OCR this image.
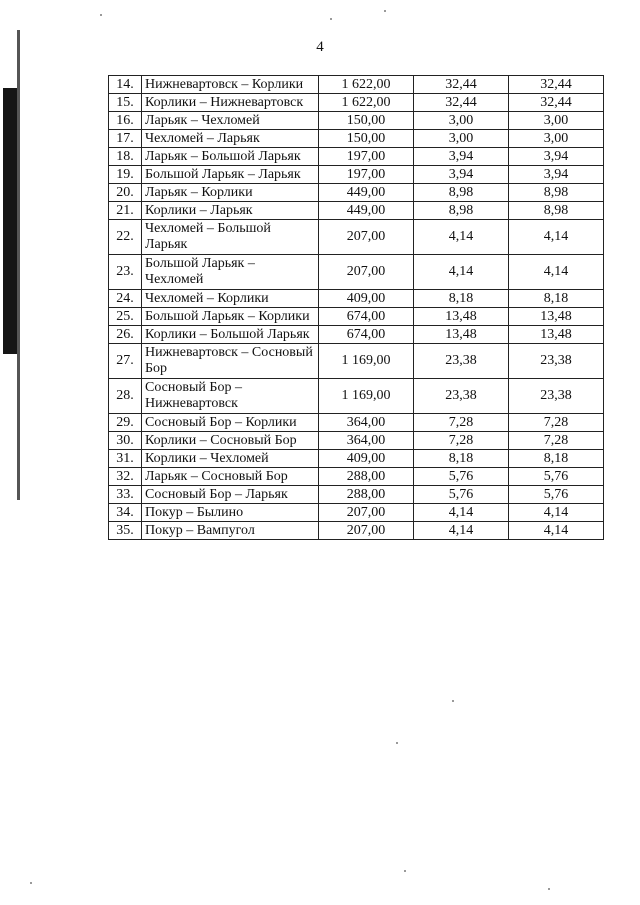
4
14.	Нижневартовск – Корлики	1 622,00	32,44	32,44
15.	Корлики – Нижневартовск	1 622,00	32,44	32,44
16.	Ларьяк – Чехломей	150,00	3,00	3,00
17.	Чехломей – Ларьяк	150,00	3,00	3,00
18.	Ларьяк – Большой Ларьяк	197,00	3,94	3,94
19.	Большой Ларьяк – Ларьяк	197,00	3,94	3,94
20.	Ларьяк – Корлики	449,00	8,98	8,98
21.	Корлики – Ларьяк	449,00	8,98	8,98
22.	Чехломей – Большой Ларьяк	207,00	4,14	4,14
23.	Большой Ларьяк – Чехломей	207,00	4,14	4,14
24.	Чехломей – Корлики	409,00	8,18	8,18
25.	Большой Ларьяк – Корлики	674,00	13,48	13,48
26.	Корлики – Большой Ларьяк	674,00	13,48	13,48
27.	Нижневартовск – Сосновый Бор	1 169,00	23,38	23,38
28.	Сосновый Бор – Нижневартовск	1 169,00	23,38	23,38
29.	Сосновый Бор – Корлики	364,00	7,28	7,28
30.	Корлики – Сосновый Бор	364,00	7,28	7,28
31.	Корлики – Чехломей	409,00	8,18	8,18
32.	Ларьяк – Сосновый Бор	288,00	5,76	5,76
33.	Сосновый Бор – Ларьяк	288,00	5,76	5,76
34.	Покур – Былино	207,00	4,14	4,14
35.	Покур – Вампугол	207,00	4,14	4,14
